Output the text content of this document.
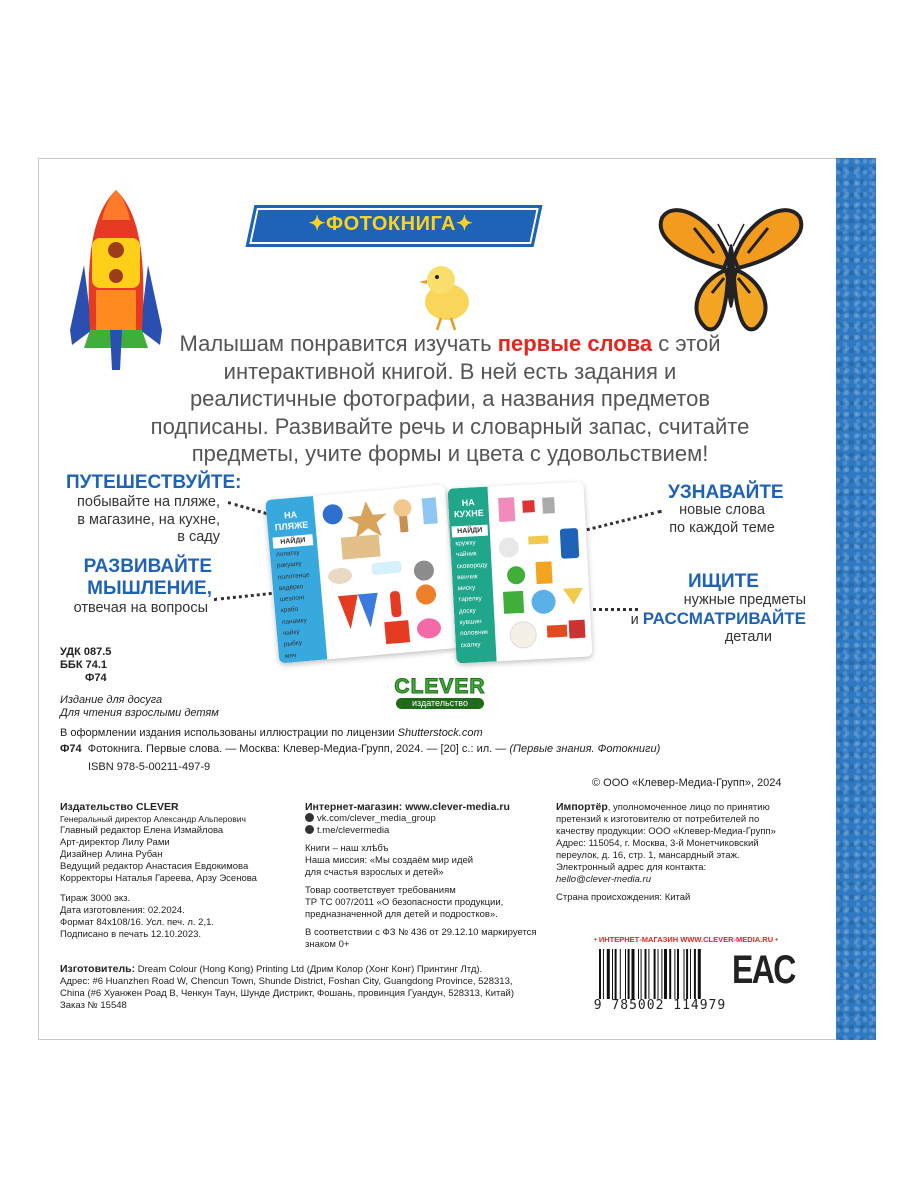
✦ФОТОКНИГА✦
Малышам понравится изучать первые слова с этой интерактивной книгой. В ней есть задания и реалистичные фотографии, а названия предметов подписаны. Развивайте речь и словарный запас, считайте предметы, учите формы и цвета с удовольствием!
ПУТЕШЕСТВУЙТЕ:
побывайте на пляже,
в магазине, на кухне,
в саду
РАЗВИВАЙТЕ
МЫШЛЕНИЕ,
отвечая на вопросы
УЗНАВАЙТЕ
новые слова
по каждой теме
ИЩИТЕ
нужные предметы
и РАССМАТРИВАЙТЕ
детали
НА ПЛЯЖЕ
НАЙДИ
лопатку
ракушку
полотенце
ведёрко
шезлонг
крабо
панамку
чайку
рыбку
мяч
НА КУХНЕ
НАЙДИ
кружку
чайник
сковороду
венчик
миску
тарелку
доску
кувшин
половник
скалку
УДК 087.5
ББК 74.1
Ф74	CLEVER
издательство
Издание для досуга
Для чтения взрослыми детям
В оформлении издания использованы иллюстрации по лицензии Shutterstock.com
Ф74 Фотокнига. Первые слова. — Москва: Клевер-Медиа-Групп, 2024. — [20] с.: ил. — (Первые знания. Фотокниги)
ISBN 978-5-00211-497-9
© ООО «Клевер-Медиа-Групп», 2024
Издательство CLEVER
Генеральный директор Александр Альперович
Главный редактор Елена Измайлова
Арт-директор Лилу Рами
Дизайнер Алина Рубан
Ведущий редактор Анастасия Евдокимова
Корректоры Наталья Гареева, Арзу Эсенова
Тираж 3000 экз.
Дата изготовления: 02.2024.
Формат 84х108/16. Усл. печ. л. 2,1.
Подписано в печать 12.10.2023.
Интернет-магазин: www.clever-media.ru
vk.com/clever_media_group
t.me/clevermedia
Книги – наш хлѣбъ
Наша миссия: «Мы создаём мир идей
для счастья взрослых и детей»
Товар соответствует требованиям
ТР ТС 007/2011 «О безопасности продукции,
предназначенной для детей и подростков».
В соответствии с ФЗ № 436 от 29.12.10 маркируется
знаком 0+
Импортёр, уполномоченное лицо по принятию
претензий к изготовителю от потребителей по
качеству продукции: ООО «Клевер-Медиа-Групп»
Адрес: 115054, г. Москва, 3-й Монетчиковский
переулок, д. 16, стр. 1, мансардный этаж.
Электронный адрес для контакта:
hello@clever-media.ru
Страна происхождения: Китай
Изготовитель: Dream Colour (Hong Kong) Printing Ltd (Дрим Колор (Хонг Конг) Принтинг Лтд).
Адрес: #6 Huanzhen Road W, Chencun Town, Shunde District, Foshan City, Guangdong Province, 528313,
China (#6 Хуанжен Роад В, Ченкун Таун, Шунде Дистрикт, Фошань, провинция Гуандун, 528313, Китай)
Заказ № 15548
• ИНТЕРНЕТ-МАГАЗИН WWW.CLEVER-MEDIA.RU •
9 785002 114979
EAC
